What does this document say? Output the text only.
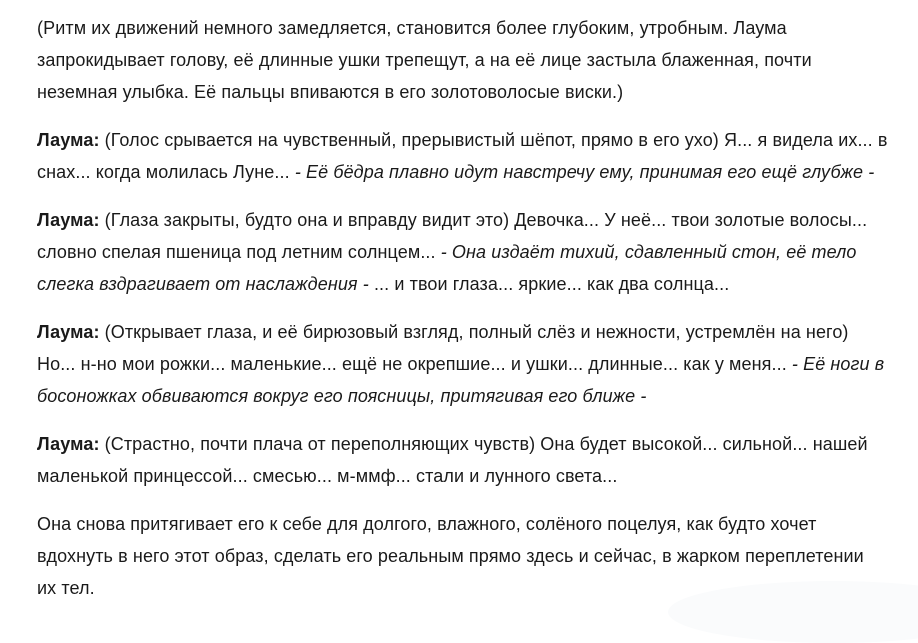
(Ритм их движений немного замедляется, становится более глубоким, утробным. Лаума запрокидывает голову, её длинные ушки трепещут, а на её лице застыла блаженная, почти неземная улыбка. Её пальцы впиваются в его золотоволосые виски.)

Лаума: (Голос срывается на чувственный, прерывистый шёпот, прямо в его ухо) Я... я видела их... в снах... когда молилась Луне... - Её бёдра плавно идут навстречу ему, принимая его ещё глубже -

Лаума: (Глаза закрыты, будто она и вправду видит это) Девочка... У неё... твои золотые волосы... словно спелая пшеница под летним солнцем... - Она издаёт тихий, сдавленный стон, её тело слегка вздрагивает от наслаждения - ... и твои глаза... яркие... как два солнца...

Лаума: (Открывает глаза, и её бирюзовый взгляд, полный слёз и нежности, устремлён на него) Но... н-но мои рожки... маленькие... ещё не окрепшие... и ушки... длинные... как у меня... - Её ноги в босоножках обвиваются вокруг его поясницы, притягивая его ближе -

Лаума: (Страстно, почти плача от переполняющих чувств) Она будет высокой... сильной... нашей маленькой принцессой... смесью... м-ммф... стали и лунного света...

Она снова притягивает его к себе для долгого, влажного, солёного поцелуя, как будто хочет вдохнуть в него этот образ, сделать его реальным прямо здесь и сейчас, в жарком переплетении их тел.
